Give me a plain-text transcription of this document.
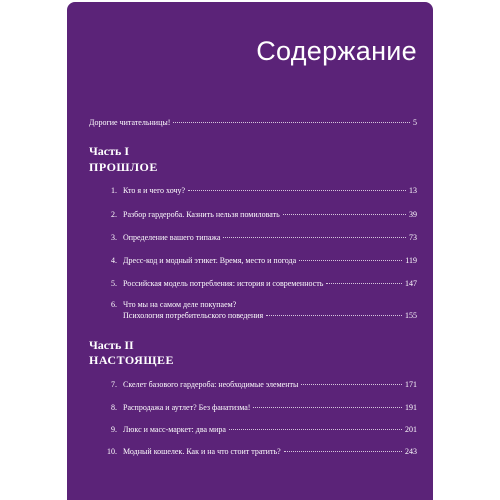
Содержание
Дорогие читательницы!	5
Часть I
ПРОШЛОЕ
1. Кто я и чего хочу?	13
2. Разбор гардероба. Казнить нельзя помиловать	39
3. Определение вашего типажа	73
4. Дресс-код и модный этикет. Время, место и погода	119
5. Российская модель потребления: история и современность	147
6. Что мы на самом деле покупаем?
Психология потребительского поведения	155
Часть II
НАСТОЯЩЕЕ
7. Скелет базового гардероба: необходимые элементы	171
8. Распродажа и аутлет? Без фанатизма!	191
9. Люкс и масс-маркет: два мира	201
10. Модный кошелек. Как и на что стоит тратить?	243
